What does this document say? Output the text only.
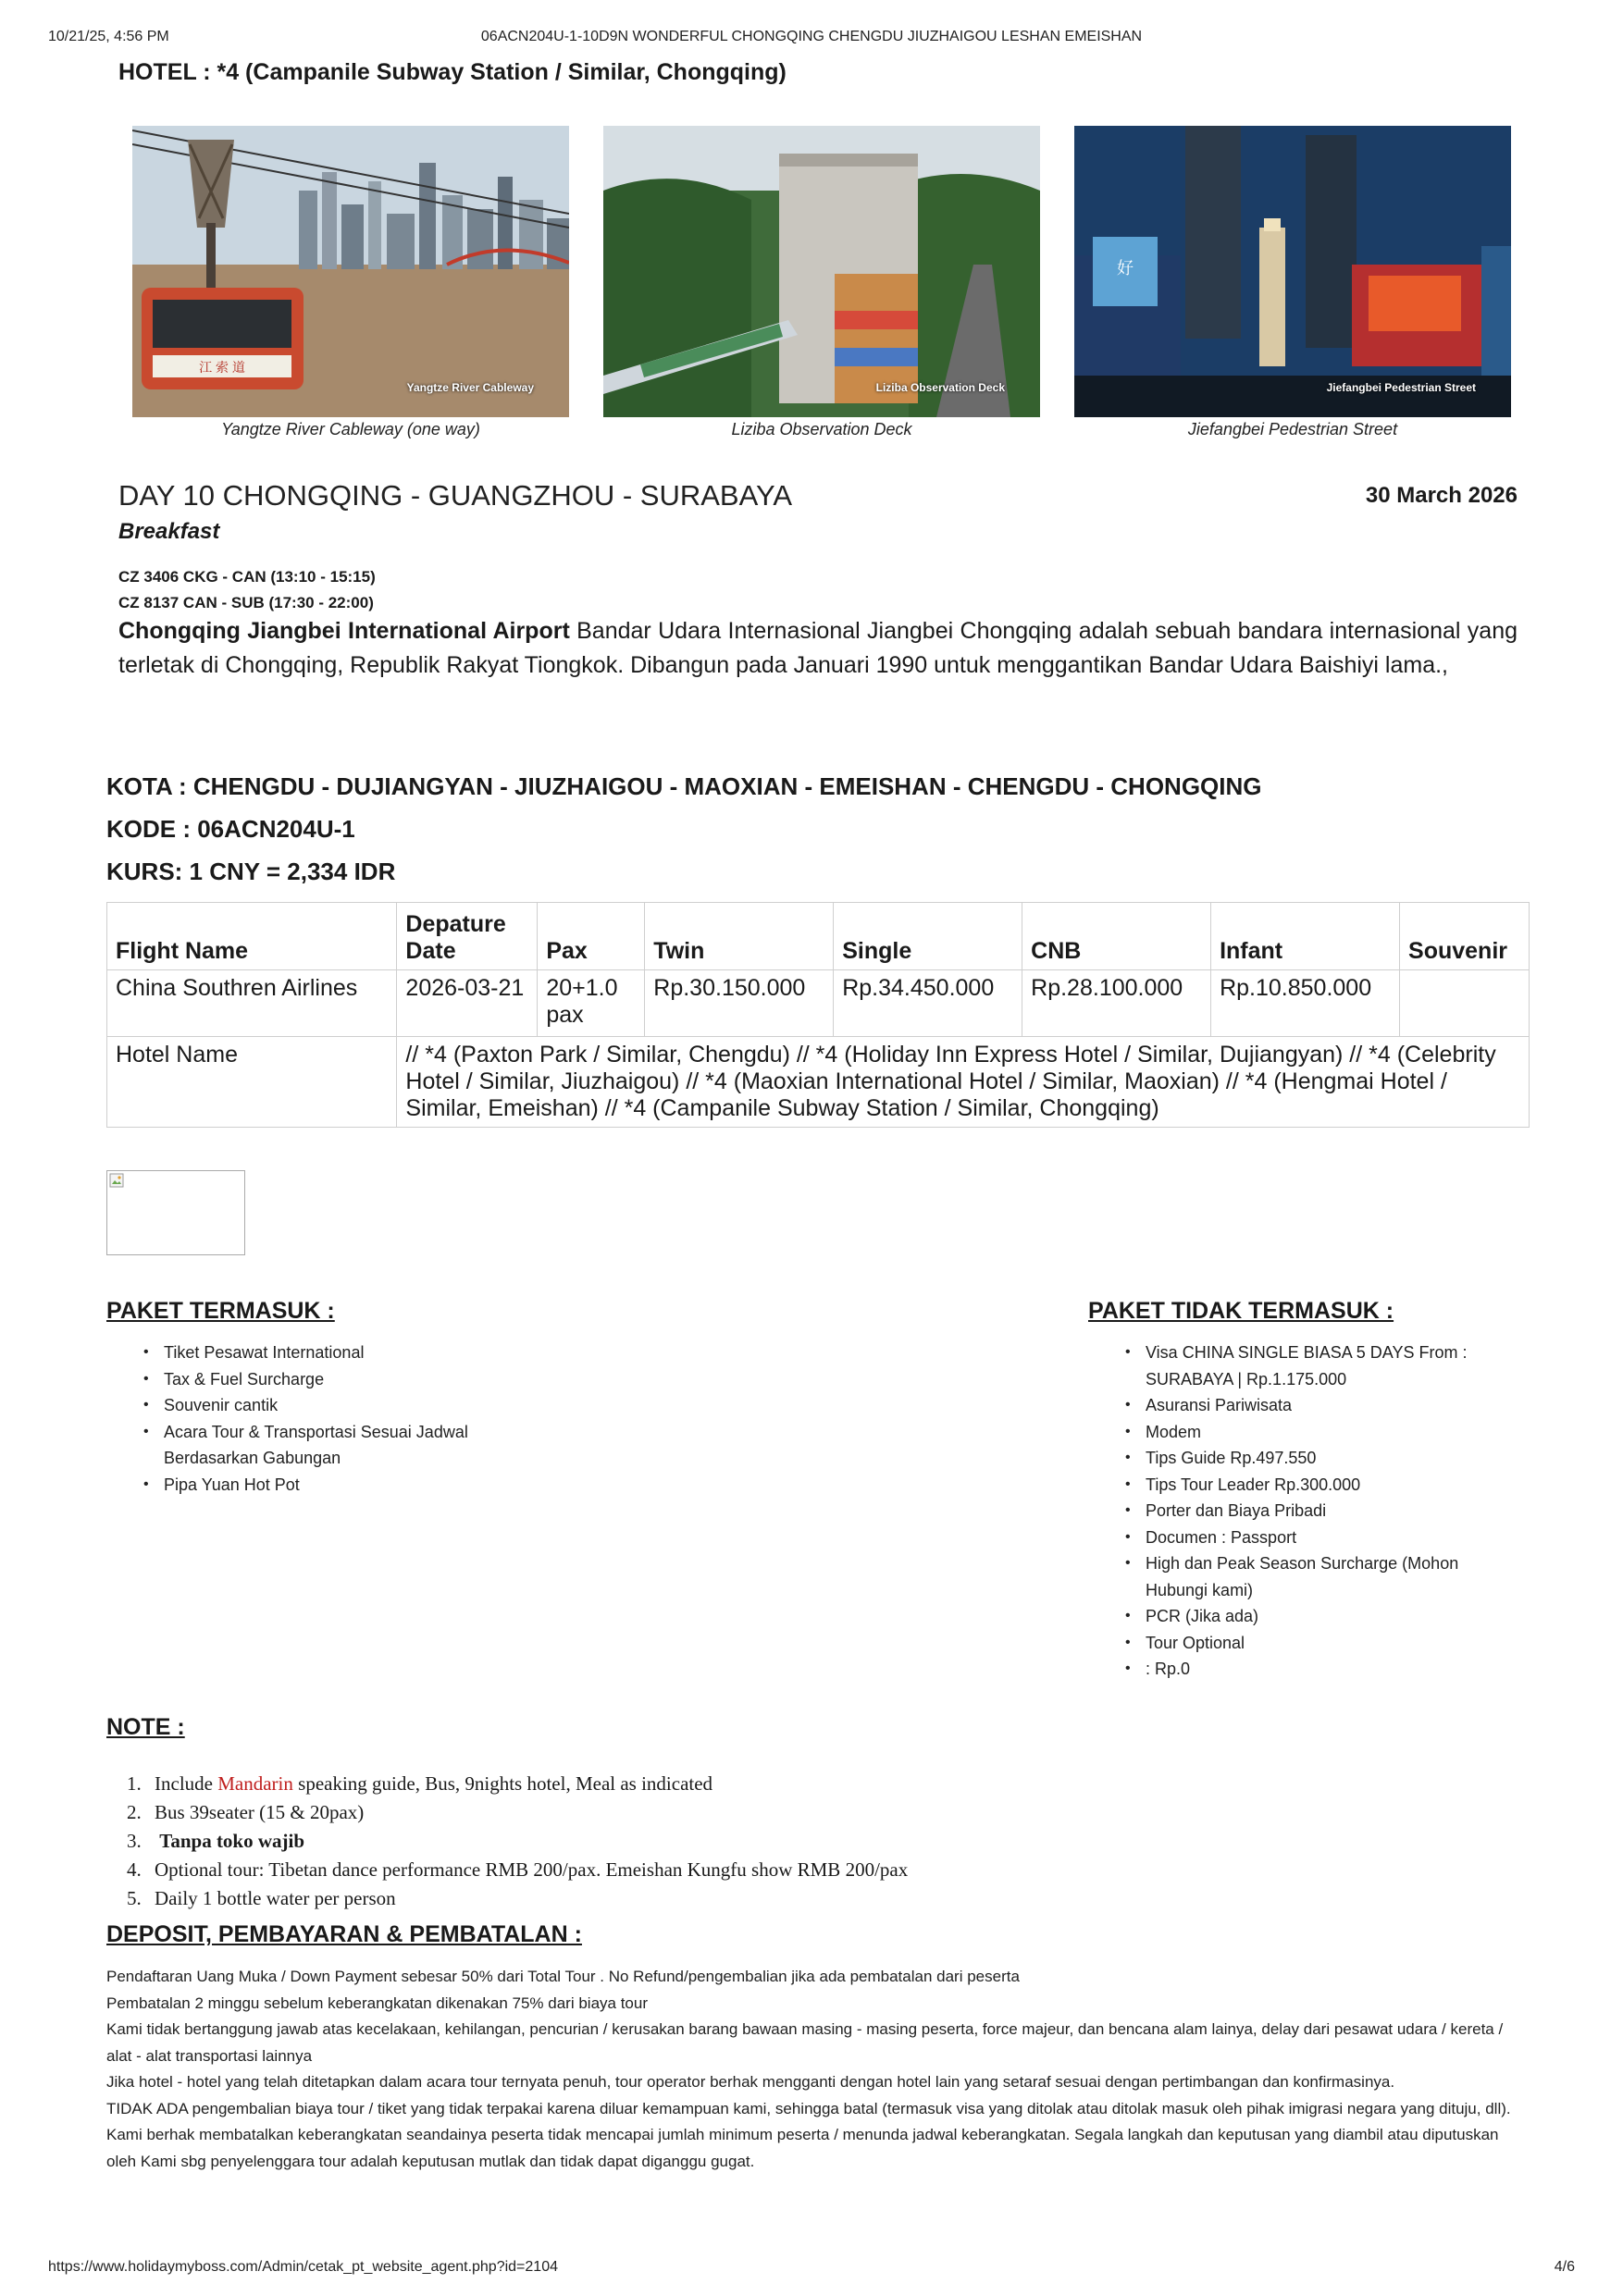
10/21/25, 4:56 PM	06ACN204U-1-10D9N WONDERFUL CHONGQING CHENGDU JIUZHAIGOU LESHAN EMEISHAN
HOTEL : *4 (Campanile Subway Station / Similar, Chongqing)
江 索 道
Yangtze River Cableway
Yangtze River Cableway (one way)
Liziba Observation Deck
Liziba Observation Deck
好
Jiefangbei Pedestrian Street
Jiefangbei Pedestrian Street
DAY 10 CHONGQING - GUANGZHOU - SURABAYA	30 March 2026
Breakfast
CZ 3406 CKG - CAN (13:10 - 15:15)
CZ 8137 CAN - SUB (17:30 - 22:00)
Chongqing Jiangbei International Airport Bandar Udara Internasional Jiangbei Chongqing adalah sebuah bandara internasional yang terletak di Chongqing, Republik Rakyat Tiongkok. Dibangun pada Januari 1990 untuk menggantikan Bandar Udara Baishiyi lama.,
KOTA : CHENGDU - DUJIANGYAN - JIUZHAIGOU - MAOXIAN - EMEISHAN - CHENGDU - CHONGQING
KODE : 06ACN204U-1
KURS: 1 CNY = 2,334 IDR
Flight Name	Depature Date	Pax	Twin	Single	CNB	Infant	Souvenir
China Southren Airlines	2026-03-21	20+1.0 pax	Rp.30.150.000	Rp.34.450.000	Rp.28.100.000	Rp.10.850.000	
Hotel Name	// *4 (Paxton Park / Similar, Chengdu) // *4 (Holiday Inn Express Hotel / Similar, Dujiangyan) // *4 (Celebrity Hotel / Similar, Jiuzhaigou) // *4 (Maoxian International Hotel / Similar, Maoxian) // *4 (Hengmai Hotel / Similar, Emeishan) // *4 (Campanile Subway Station / Similar, Chongqing)						
PAKET TERMASUK :
• Tiket Pesawat International
• Tax & Fuel Surcharge
• Souvenir cantik
• Acara Tour & Transportasi Sesuai Jadwal Berdasarkan Gabungan
• Pipa Yuan Hot Pot
PAKET TIDAK TERMASUK :
• Visa CHINA SINGLE BIASA 5 DAYS From : SURABAYA | Rp.1.175.000
• Asuransi Pariwisata
• Modem
• Tips Guide Rp.497.550
• Tips Tour Leader Rp.300.000
• Porter dan Biaya Pribadi
• Documen : Passport
• High dan Peak Season Surcharge (Mohon Hubungi kami)
• PCR (Jika ada)
• Tour Optional
• : Rp.0
NOTE :
1. Include Mandarin speaking guide, Bus, 9nights hotel, Meal as indicated
2. Bus 39seater (15 & 20pax)
3. Tanpa toko wajib
4. Optional tour: Tibetan dance performance RMB 200/pax. Emeishan Kungfu show RMB 200/pax
5. Daily 1 bottle water per person
DEPOSIT, PEMBAYARAN & PEMBATALAN :

Pendaftaran Uang Muka / Down Payment sebesar 50% dari Total Tour . No Refund/pengembalian jika ada pembatalan dari peserta

Pembatalan 2 minggu sebelum keberangkatan dikenakan 75% dari biaya tour

Kami tidak bertanggung jawab atas kecelakaan, kehilangan, pencurian / kerusakan barang bawaan masing - masing peserta, force majeur, dan bencana alam lainya, delay dari pesawat udara / kereta / alat - alat transportasi lainnya

Jika hotel - hotel yang telah ditetapkan dalam acara tour ternyata penuh, tour operator berhak mengganti dengan hotel lain yang setaraf sesuai dengan pertimbangan dan konfirmasinya.

TIDAK ADA pengembalian biaya tour / tiket yang tidak terpakai karena diluar kemampuan kami, sehingga batal (termasuk visa yang ditolak atau ditolak masuk oleh pihak imigrasi negara yang dituju, dll).

Kami berhak membatalkan keberangkatan seandainya peserta tidak mencapai jumlah minimum peserta / menunda jadwal keberangkatan. Segala langkah dan keputusan yang diambil atau diputuskan oleh Kami sbg penyelenggara tour adalah keputusan mutlak dan tidak dapat diganggu gugat.

https://www.holidaymyboss.com/Admin/cetak_pt_website_agent.php?id=2104	4/6
